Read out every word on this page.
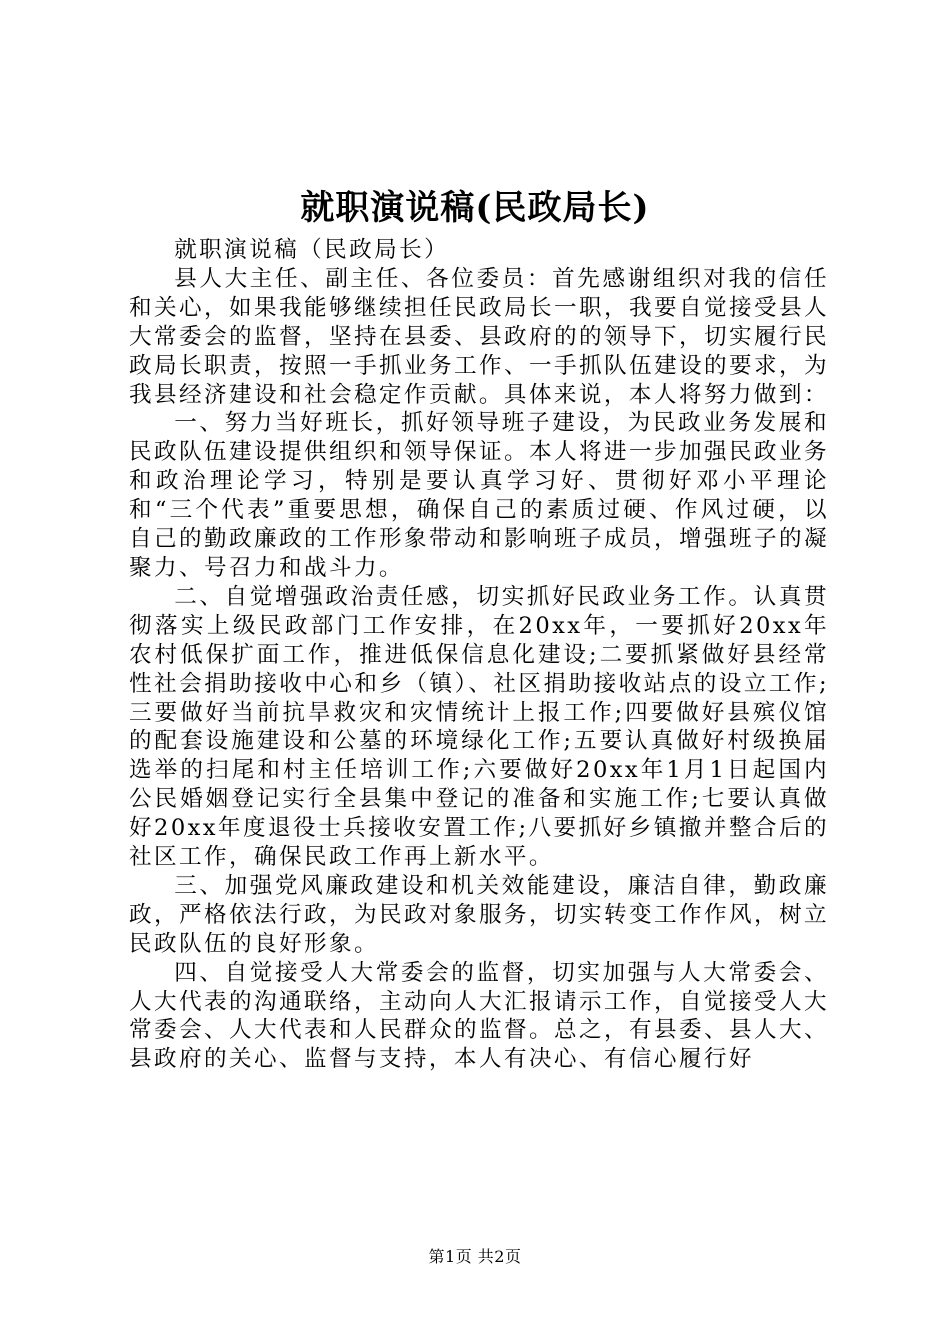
就职演说稿(民政局长)

就职演说稿（民政局长）

县人大主任、副主任、各位委员：首先感谢组织对我的信任和关心，如果我能够继续担任民政局长一职，我要自觉接受县人大常委会的监督，坚持在县委、县政府的的领导下，切实履行民政局长职责，按照一手抓业务工作、一手抓队伍建设的要求，为我县经济建设和社会稳定作贡献。具体来说，本人将努力做到：

一、努力当好班长，抓好领导班子建设，为民政业务发展和民政队伍建设提供组织和领导保证。本人将进一步加强民政业务和政治理论学习，特别是要认真学习好、贯彻好邓小平理论和“三个代表”重要思想，确保自己的素质过硬、作风过硬，以自己的勤政廉政的工作形象带动和影响班子成员，增强班子的凝聚力、号召力和战斗力。

二、自觉增强政治责任感，切实抓好民政业务工作。认真贯彻落实上级民政部门工作安排，在20xx年，一要抓好20xx年农村低保扩面工作，推进低保信息化建设;二要抓紧做好县经常性社会捐助接收中心和乡（镇）、社区捐助接收站点的设立工作;三要做好当前抗旱救灾和灾情统计上报工作;四要做好县殡仪馆的配套设施建设和公墓的环境绿化工作;五要认真做好村级换届选举的扫尾和村主任培训工作;六要做好20xx年1月1日起国内公民婚姻登记实行全县集中登记的准备和实施工作;七要认真做好20xx年度退役士兵接收安置工作;八要抓好乡镇撤并整合后的社区工作，确保民政工作再上新水平。

三、加强党风廉政建设和机关效能建设，廉洁自律，勤政廉政，严格依法行政，为民政对象服务，切实转变工作作风，树立民政队伍的良好形象。

四、自觉接受人大常委会的监督，切实加强与人大常委会、人大代表的沟通联络，主动向人大汇报请示工作，自觉接受人大常委会、人大代表和人民群众的监督。总之，有县委、县人大、县政府的关心、监督与支持，本人有决心、有信心履行好

第1页 共2页
